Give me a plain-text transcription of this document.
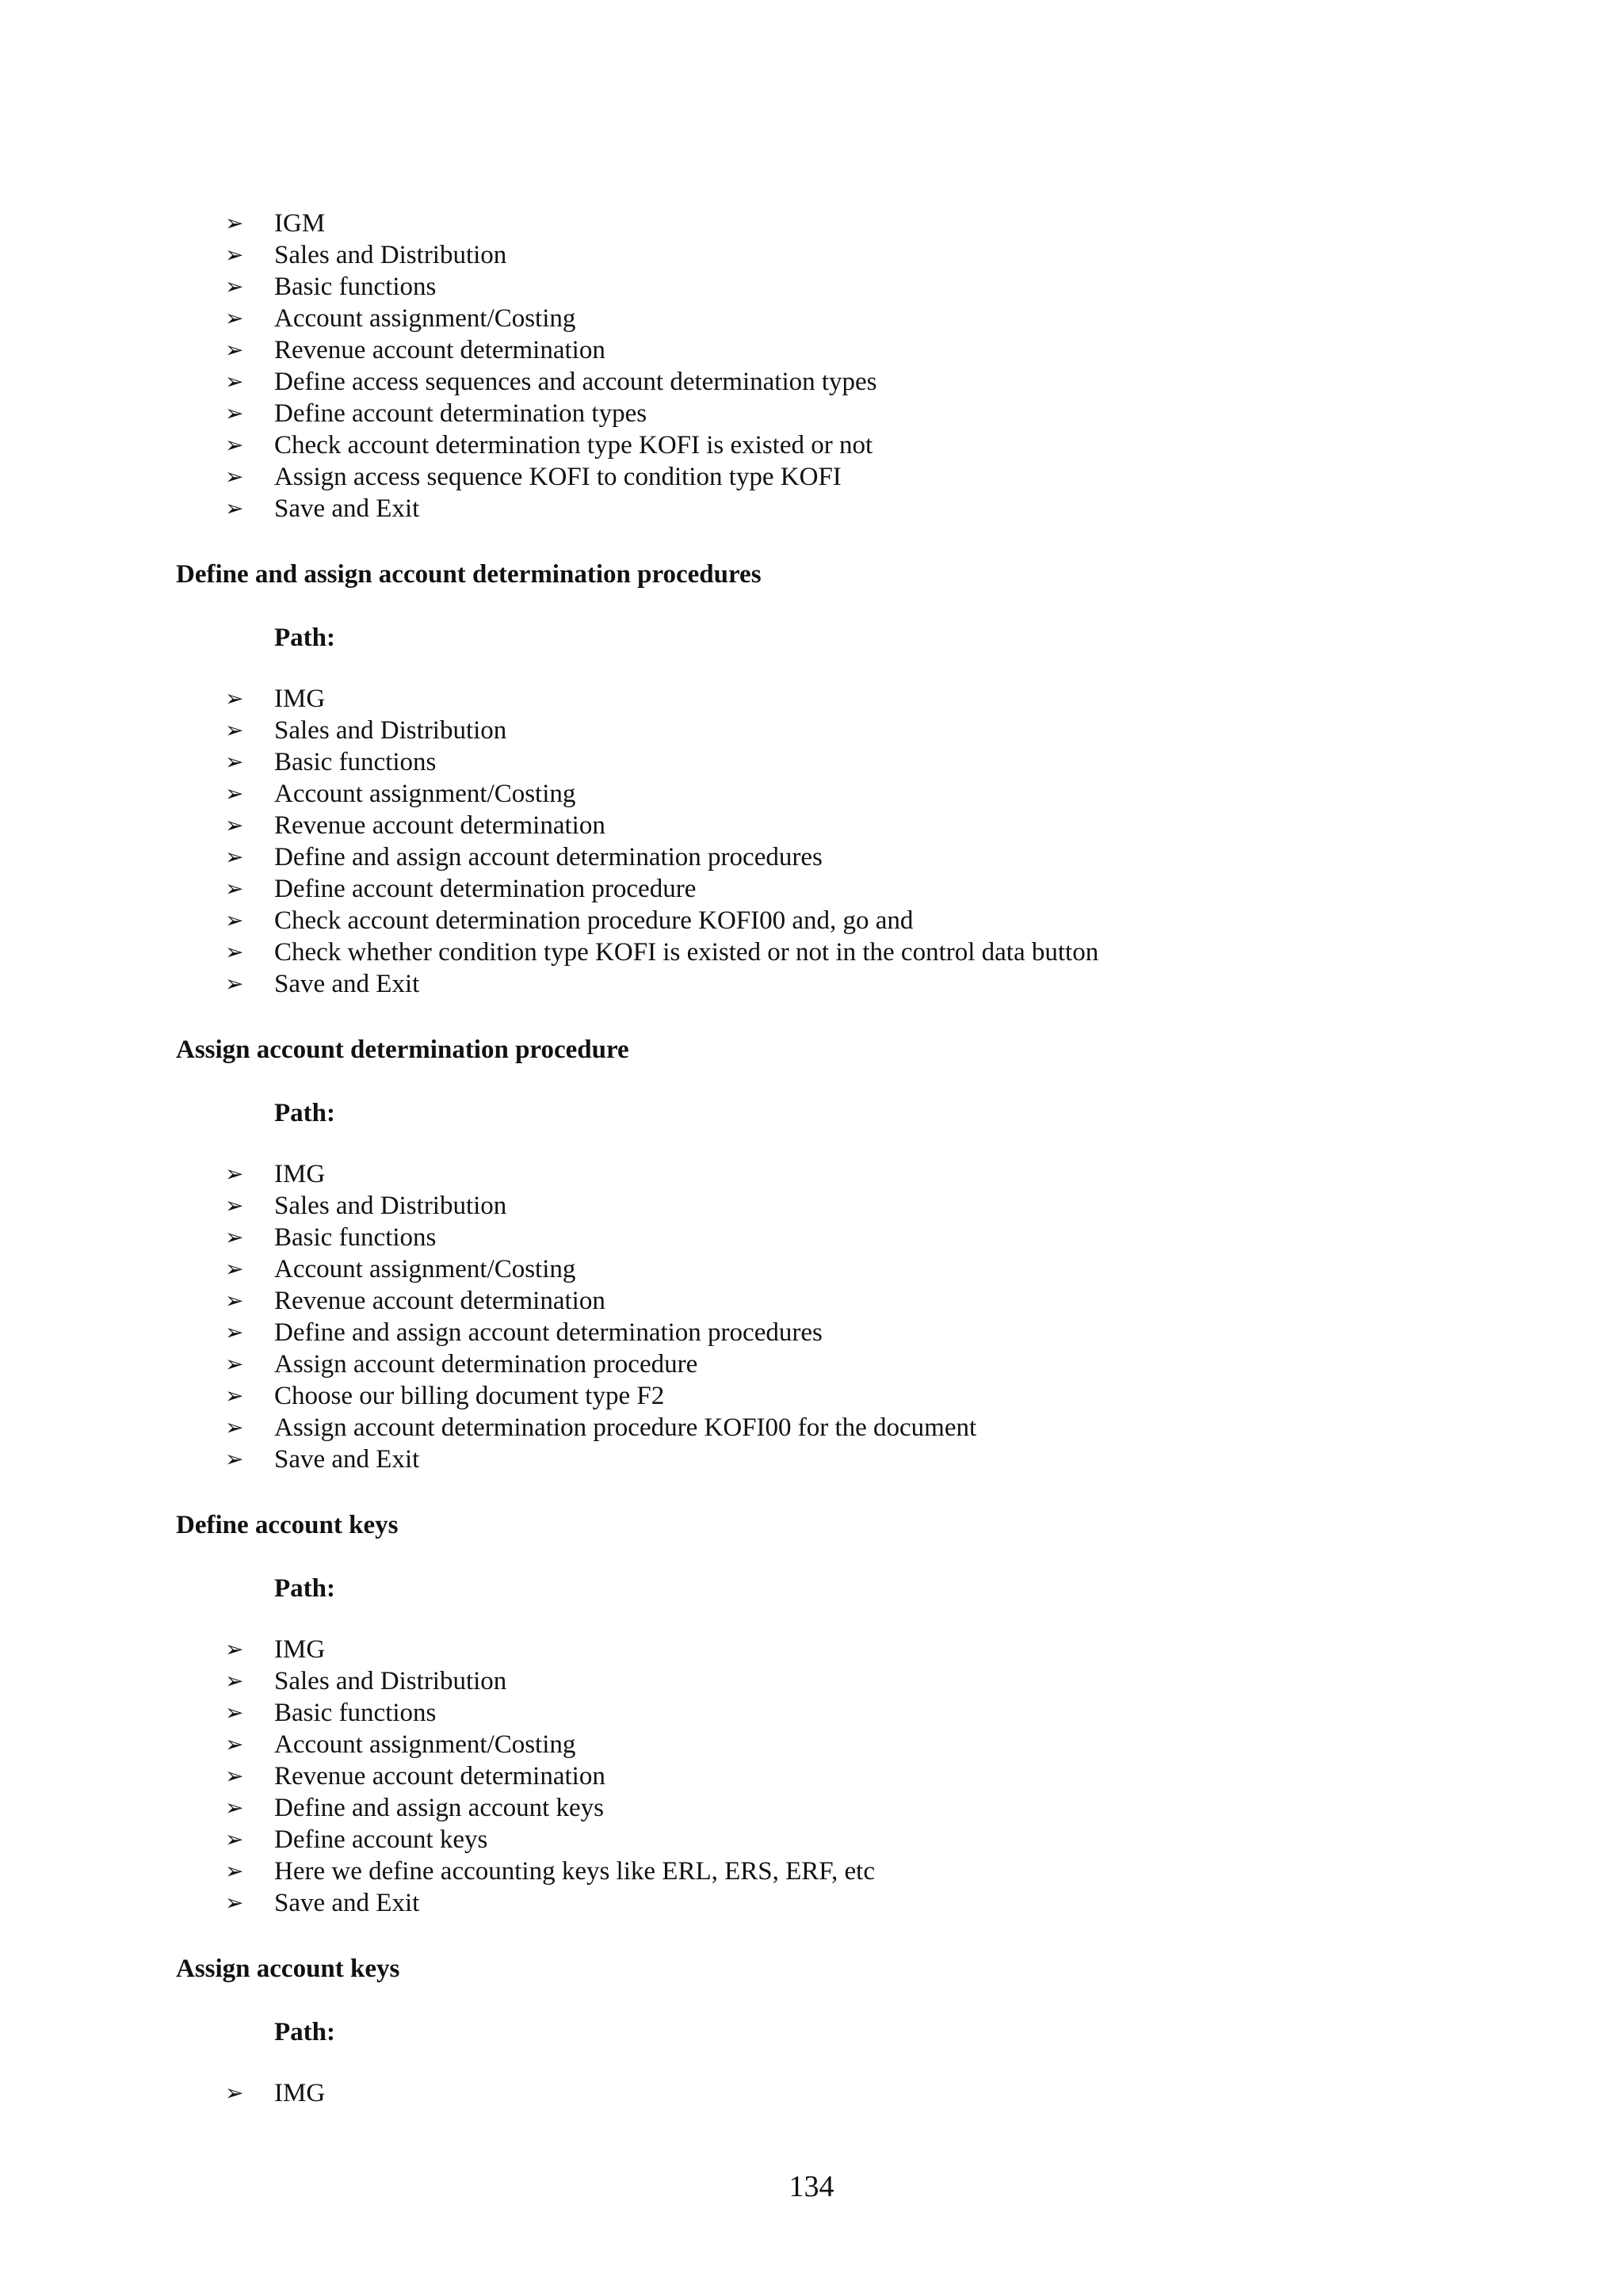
➢	IGM
➢	Sales and Distribution
➢	Basic functions
➢	Account assignment/Costing
➢	Revenue account determination
➢	Define access sequences and account determination types
➢	Define account determination types
➢	Check account determination type KOFI is existed or not
➢	Assign access sequence KOFI to condition type KOFI
➢	Save and Exit
Define and assign account determination procedures
Path:
➢	IMG
➢	Sales and Distribution
➢	Basic functions
➢	Account assignment/Costing
➢	Revenue account determination
➢	Define and assign account determination procedures
➢	Define account determination procedure
➢	Check account determination procedure KOFI00 and, go and
➢	Check whether condition type KOFI is existed or not in the control data button
➢	Save and Exit
Assign account determination procedure
Path:
➢	IMG
➢	Sales and Distribution
➢	Basic functions
➢	Account assignment/Costing
➢	Revenue account determination
➢	Define and assign account determination procedures
➢	Assign account determination procedure
➢	Choose our billing document type F2
➢	Assign account determination procedure KOFI00 for the document
➢	Save and Exit
Define account keys
Path:
➢	IMG
➢	Sales and Distribution
➢	Basic functions
➢	Account assignment/Costing
➢	Revenue account determination
➢	Define and assign account keys
➢	Define account keys
➢	Here we define accounting keys like ERL, ERS, ERF, etc
➢	Save and Exit
Assign account keys
Path:
➢	IMG
134
